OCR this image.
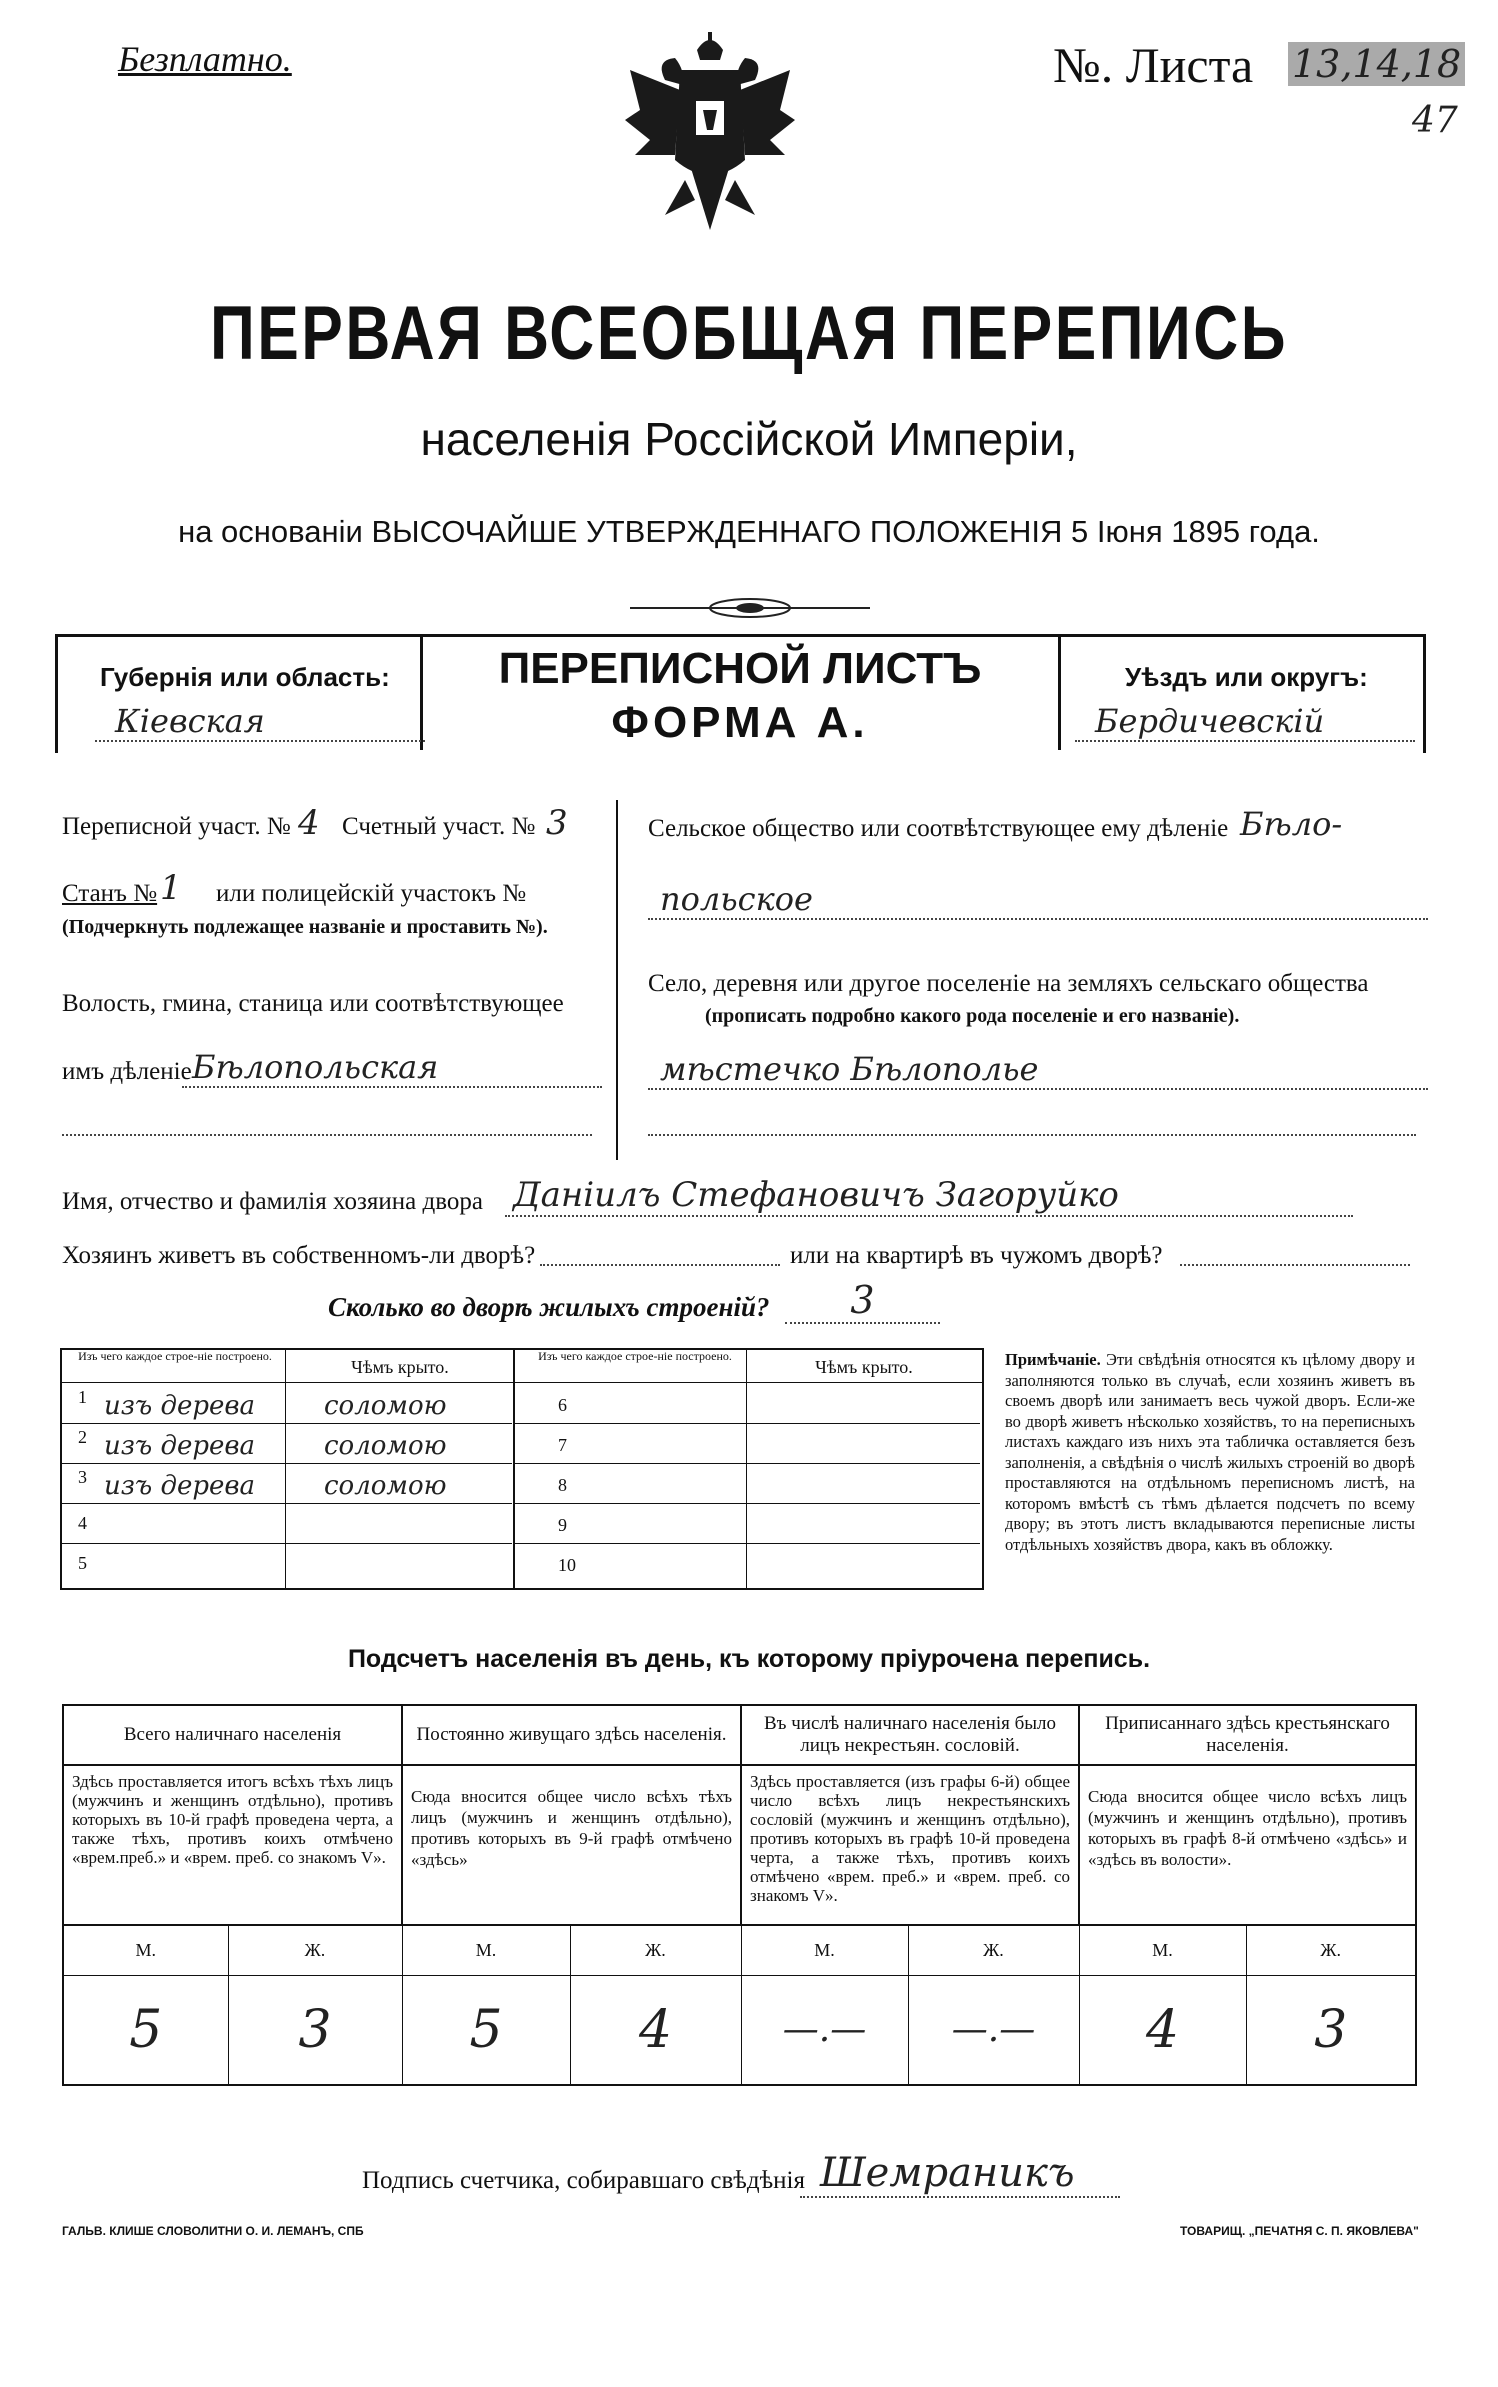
Безплатно.	№. Листа 13,14,18
47
ПЕРВАЯ ВСЕОБЩАЯ ПЕРЕПИСЬ
населенія Россійской Имперіи,
на основаніи ВЫСОЧАЙШЕ УТВЕРЖДЕННАГО ПОЛОЖЕНІЯ 5 Іюня 1895 года.
Губернія или область:
Кіевская
ПЕРЕПИСНОЙ ЛИСТЪ
ФОРМА А.
Уѣздъ или округъ:
Бердичевскій
Переписной участ. № 4 Счетный участ. № 3
Станъ № 1 или полицейскій участокъ №
(Подчеркнуть подлежащее названіе и проставить №).
Волость, гмина, станица или соотвѣтствующее
имъ дѣленіе Бѣлопольская
Сельское общество или соотвѣтствующее ему дѣленіе Бѣло-
польское
Село, деревня или другое поселеніе на земляхъ сельскаго общества
(прописать подробно какого рода поселеніе и его названіе).
мѣстечко Бѣлополье
Имя, отчество и фамилія хозяина двора Даніилъ Стефановичъ Загоруйко
Хозяинъ живетъ въ собственномъ-ли дворѣ?	или на квартирѣ въ чужомъ дворѣ?
Сколько во дворѣ жилыхъ строеній?	3
Изъ чего каждое строе-ніе построено.
Чѣмъ крыто.
Изъ чего каждое строе-ніе построено.
Чѣмъ крыто.
1 изъ дерева	соломою
2 изъ дерева	соломою
3 изъ дерева	соломою
4
5
6
7
8
9
10
Примѣчаніе. Эти свѣдѣнія относятся къ цѣлому двору и заполняются только въ случаѣ, если хозяинъ живетъ въ своемъ дворѣ или занимаетъ весь чужой дворъ. Если-же во дворѣ живетъ нѣсколько хозяйствъ, то на переписныхъ листахъ каждаго изъ нихъ эта табличка оставляется безъ заполненія, а свѣдѣнія о числѣ жилыхъ строеній во дворѣ проставляются на отдѣльномъ переписномъ листѣ, на которомъ вмѣстѣ съ тѣмъ дѣлается подсчетъ по всему двору; въ этотъ листъ вкладываются переписные листы отдѣльныхъ хозяйствъ двора, какъ въ обложку.
Подсчетъ населенія въ день, къ которому пріурочена перепись.
Всего наличнаго населенія		Постоянно живущаго здѣсь населенія.		Въ числѣ наличнаго населенія было лицъ некрестьян. сословій.		Приписаннаго здѣсь крестьянскаго населенія.	
Здѣсь проставляется итогъ всѣхъ тѣхъ лицъ (мужчинъ и женщинъ отдѣльно), противъ которыхъ въ 10-й графѣ проведена черта, а также тѣхъ, противъ коихъ отмѣчено «врем.преб.» и «врем. преб. со знакомъ V».		Сюда вносится общее число всѣхъ тѣхъ лицъ (мужчинъ и женщинъ отдѣльно), противъ которыхъ въ 9-й графѣ отмѣчено «здѣсь»		Здѣсь проставляется (изъ графы 6-й) общее число всѣхъ лицъ некрестьянскихъ сословій (мужчинъ и женщинъ отдѣльно), противъ которыхъ въ графѣ 10-й проведена черта, а также тѣхъ, противъ коихъ отмѣчено «врем. преб.» и «врем. преб. со знакомъ V».		Сюда вносится общее число всѣхъ лицъ (мужчинъ и женщинъ отдѣльно), противъ которыхъ въ графѣ 8-й отмѣчено «здѣсь» и «здѣсь въ волости».	
М.	Ж.	М.	Ж.	М.	Ж.	М.	Ж.
5	3	5	4	—.—	—.—	4	3
Подпись счетчика, собиравшаго свѣдѣнія Шемраникъ
ГАЛЬВ. КЛИШЕ СЛОВОЛИТНИ О. И. ЛЕМАНЪ, СПБ	ТОВАРИЩ. „ПЕЧАТНЯ С. П. ЯКОВЛЕВА"
